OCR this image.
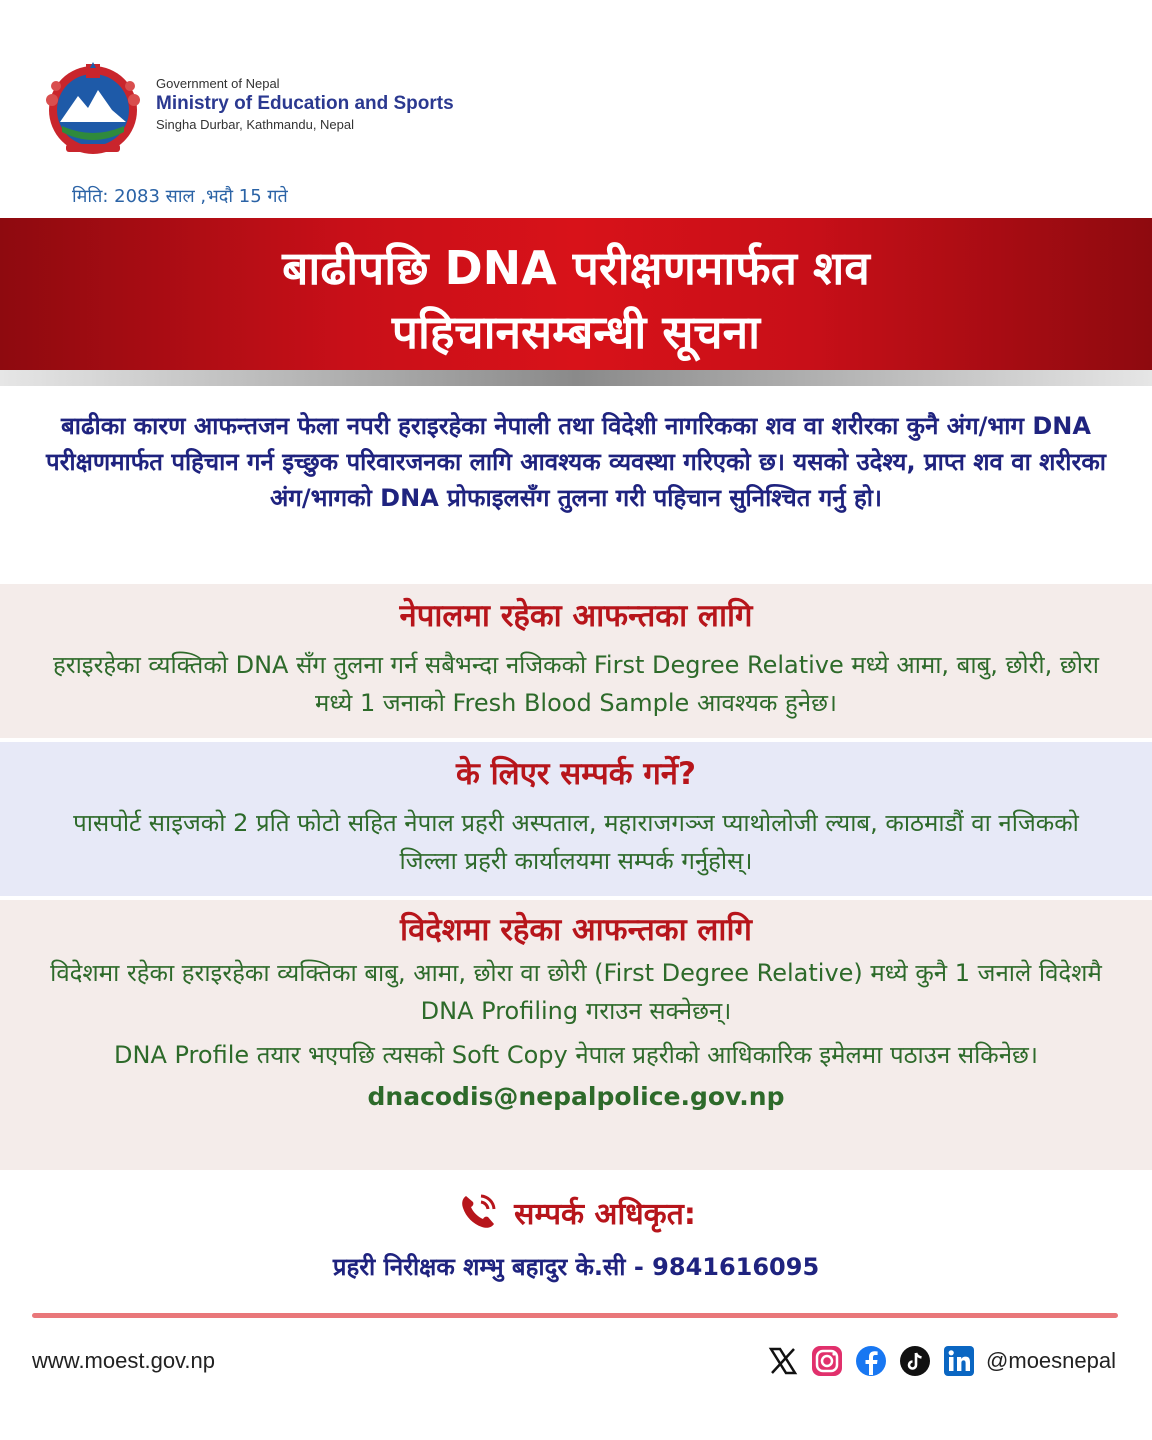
Government of Nepal
Ministry of Education and Sports
Singha Durbar, Kathmandu, Nepal
मिति: 2083 साल ,भदौ 15 गते
बाढीपछि DNA परीक्षणमार्फत शव
पहिचानसम्बन्धी सूचना
बाढीका कारण आफन्तजन फेला नपरी हराइरहेका नेपाली तथा विदेशी नागरिकका शव वा शरीरका कुनै अंग/भाग DNA परीक्षणमार्फत पहिचान गर्न इच्छुक परिवारजनका लागि आवश्यक व्यवस्था गरिएको छ। यसको उदेश्य, प्राप्त शव वा शरीरका अंग/भागको DNA प्रोफाइलसँग तुलना गरी पहिचान सुनिश्चित गर्नु हो।
नेपालमा रहेका आफन्तका लागि
हराइरहेका व्यक्तिको DNA सँग तुलना गर्न सबैभन्दा नजिकको First Degree Relative मध्ये आमा, बाबु, छोरी, छोरा मध्ये 1 जनाको Fresh Blood Sample आवश्यक हुनेछ।
के लिएर सम्पर्क गर्ने?
पासपोर्ट साइजको 2 प्रति फोटो सहित नेपाल प्रहरी अस्पताल, महाराजगञ्ज प्याथोलोजी ल्याब, काठमाडौं वा नजिकको जिल्ला प्रहरी कार्यालयमा सम्पर्क गर्नुहोस्।
विदेशमा रहेका आफन्तका लागि
विदेशमा रहेका हराइरहेका व्यक्तिका बाबु, आमा, छोरा वा छोरी (First Degree Relative) मध्ये कुनै 1 जनाले विदेशमै DNA Profiling गराउन सक्नेछन्।
DNA Profile तयार भएपछि त्यसको Soft Copy नेपाल प्रहरीको आधिकारिक इमेलमा पठाउन सकिनेछ।
dnacodis@nepalpolice.gov.np
सम्पर्क अधिकृत:
प्रहरी निरीक्षक शम्भु बहादुर के.सी - 9841616095
www.moest.gov.np	@moesnepal
